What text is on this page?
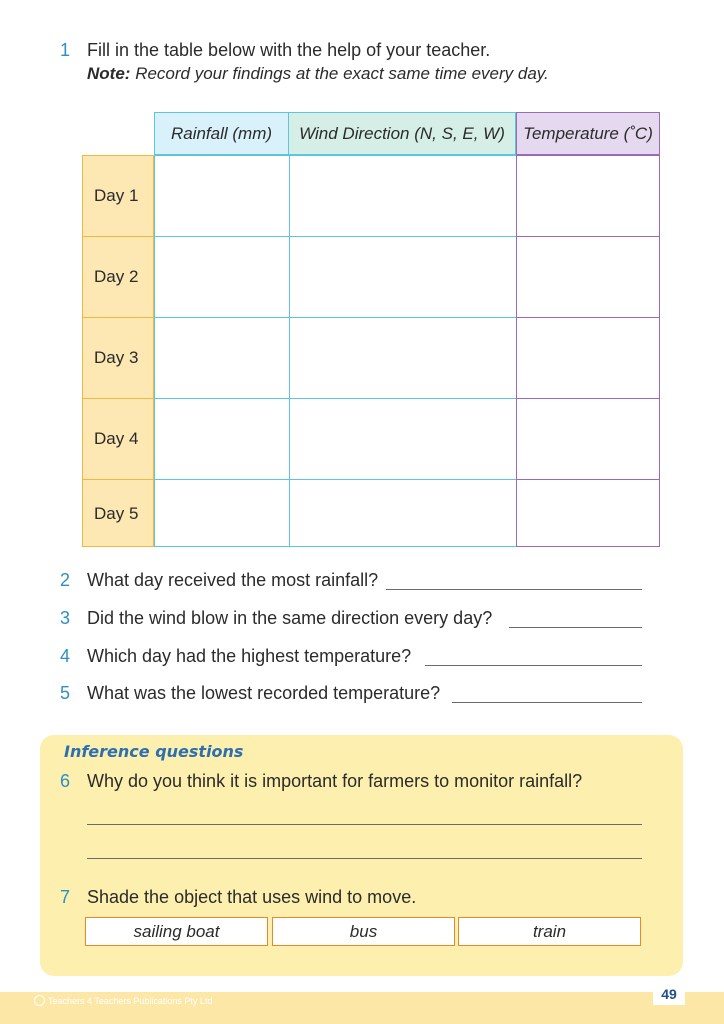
1 Fill in the table below with the help of your teacher.
Note: Record your findings at the exact same time every day.
Rainfall (mm)	Wind Direction (N, S, E, W)	Temperature (˚C)
Day 1
Day 2
Day 3
Day 4
Day 5
2 What day received the most rainfall?
3 Did the wind blow in the same direction every day?
4 Which day had the highest temperature?
5 What was the lowest recorded temperature?
Inference questions
6 Why do you think it is important for farmers to monitor rainfall?
7 Shade the object that uses wind to move.
sailing boat	bus	train
Teachers 4 Teachers Publications Pty Ltd	49
